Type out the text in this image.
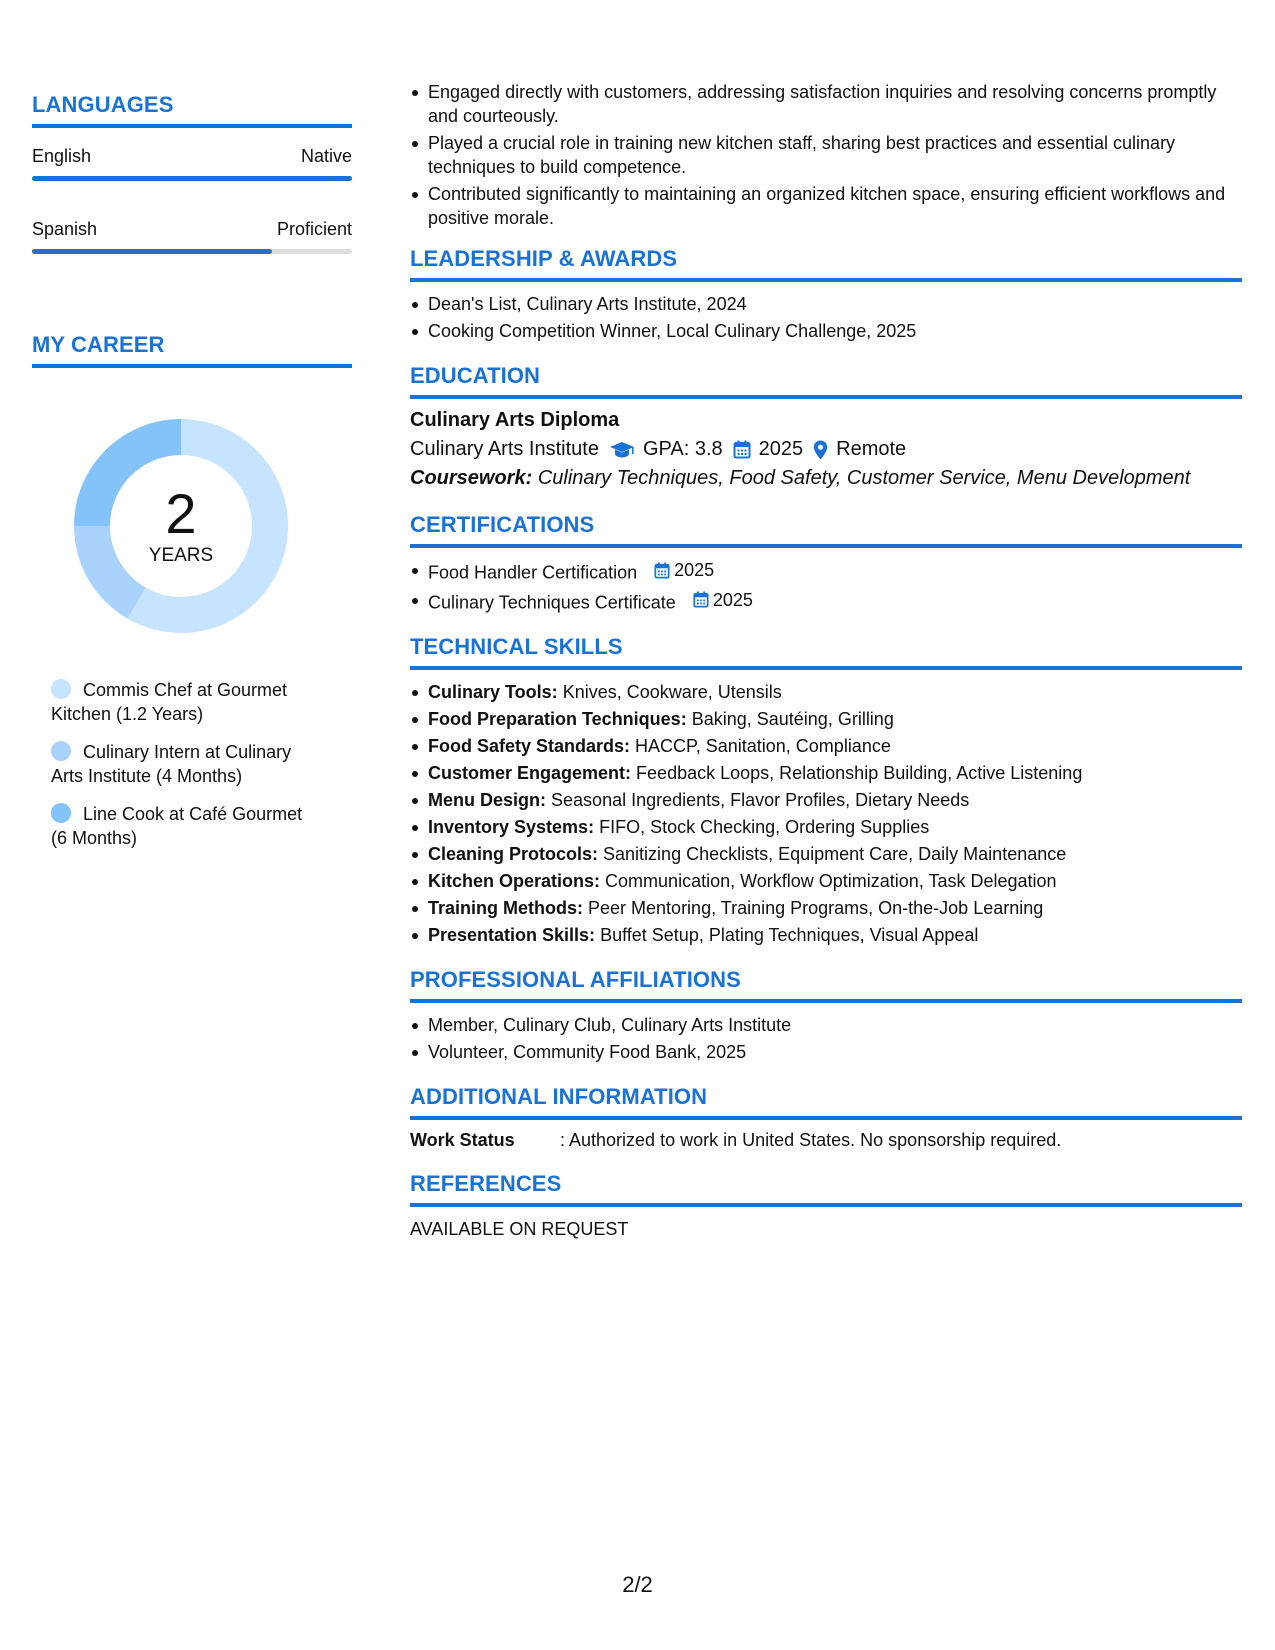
LANGUAGES
English	Native
Spanish	Proficient
MY CAREER
2
YEARS
Commis Chef at Gourmet Kitchen (1.2 Years)
Culinary Intern at Culinary Arts Institute (4 Months)
Line Cook at Café Gourmet (6 Months)
Engaged directly with customers, addressing satisfaction inquiries and resolving concerns promptly and courteously.
Played a crucial role in training new kitchen staff, sharing best practices and essential culinary techniques to build competence.
Contributed significantly to maintaining an organized kitchen space, ensuring efficient workflows and positive morale.
LEADERSHIP & AWARDS
Dean's List, Culinary Arts Institute, 2024
Cooking Competition Winner, Local Culinary Challenge, 2025
EDUCATION
Culinary Arts Diploma
Culinary Arts Institute GPA: 3.8 2025 Remote
Coursework: Culinary Techniques, Food Safety, Customer Service, Menu Development
CERTIFICATIONS
Food Handler Certification 2025
Culinary Techniques Certificate 2025
TECHNICAL SKILLS
Culinary Tools: Knives, Cookware, Utensils
Food Preparation Techniques: Baking, Sautéing, Grilling
Food Safety Standards: HACCP, Sanitation, Compliance
Customer Engagement: Feedback Loops, Relationship Building, Active Listening
Menu Design: Seasonal Ingredients, Flavor Profiles, Dietary Needs
Inventory Systems: FIFO, Stock Checking, Ordering Supplies
Cleaning Protocols: Sanitizing Checklists, Equipment Care, Daily Maintenance
Kitchen Operations: Communication, Workflow Optimization, Task Delegation
Training Methods: Peer Mentoring, Training Programs, On-the-Job Learning
Presentation Skills: Buffet Setup, Plating Techniques, Visual Appeal
PROFESSIONAL AFFILIATIONS
Member, Culinary Club, Culinary Arts Institute
Volunteer, Community Food Bank, 2025
ADDITIONAL INFORMATION
Work Status	: Authorized to work in United States. No sponsorship required.
REFERENCES
AVAILABLE ON REQUEST
2/2
